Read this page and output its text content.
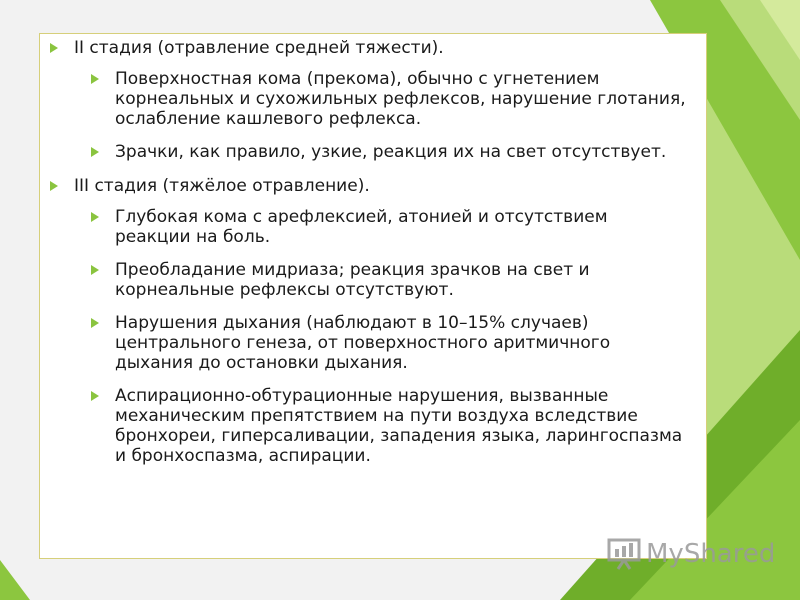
II стадия (отравление средней тяжести).
Поверхностная кома (прекома), обычно с угнетением корнеальных и сухожильных рефлексов, нарушение глотания, ослабление кашлевого рефлекса.
Зрачки, как правило, узкие, реакция их на свет отсутствует.
III стадия (тяжёлое отравление).
Глубокая кома с арефлексией, атонией и отсутствием реакции на боль.
Преобладание мидриаза; реакция зрачков на свет и корнеальные рефлексы отсутствуют.
Нарушения дыхания (наблюдают в 10–15% случаев) центрального генеза, от поверхностного аритмичного дыхания до остановки дыхания.
Аспирационно-обтурационные нарушения, вызванные механическим препятствием на пути воздуха вследствие бронхореи, гиперсаливации, западения языка, ларингоспазма и бронхоспазма, аспирации.
MyShared
